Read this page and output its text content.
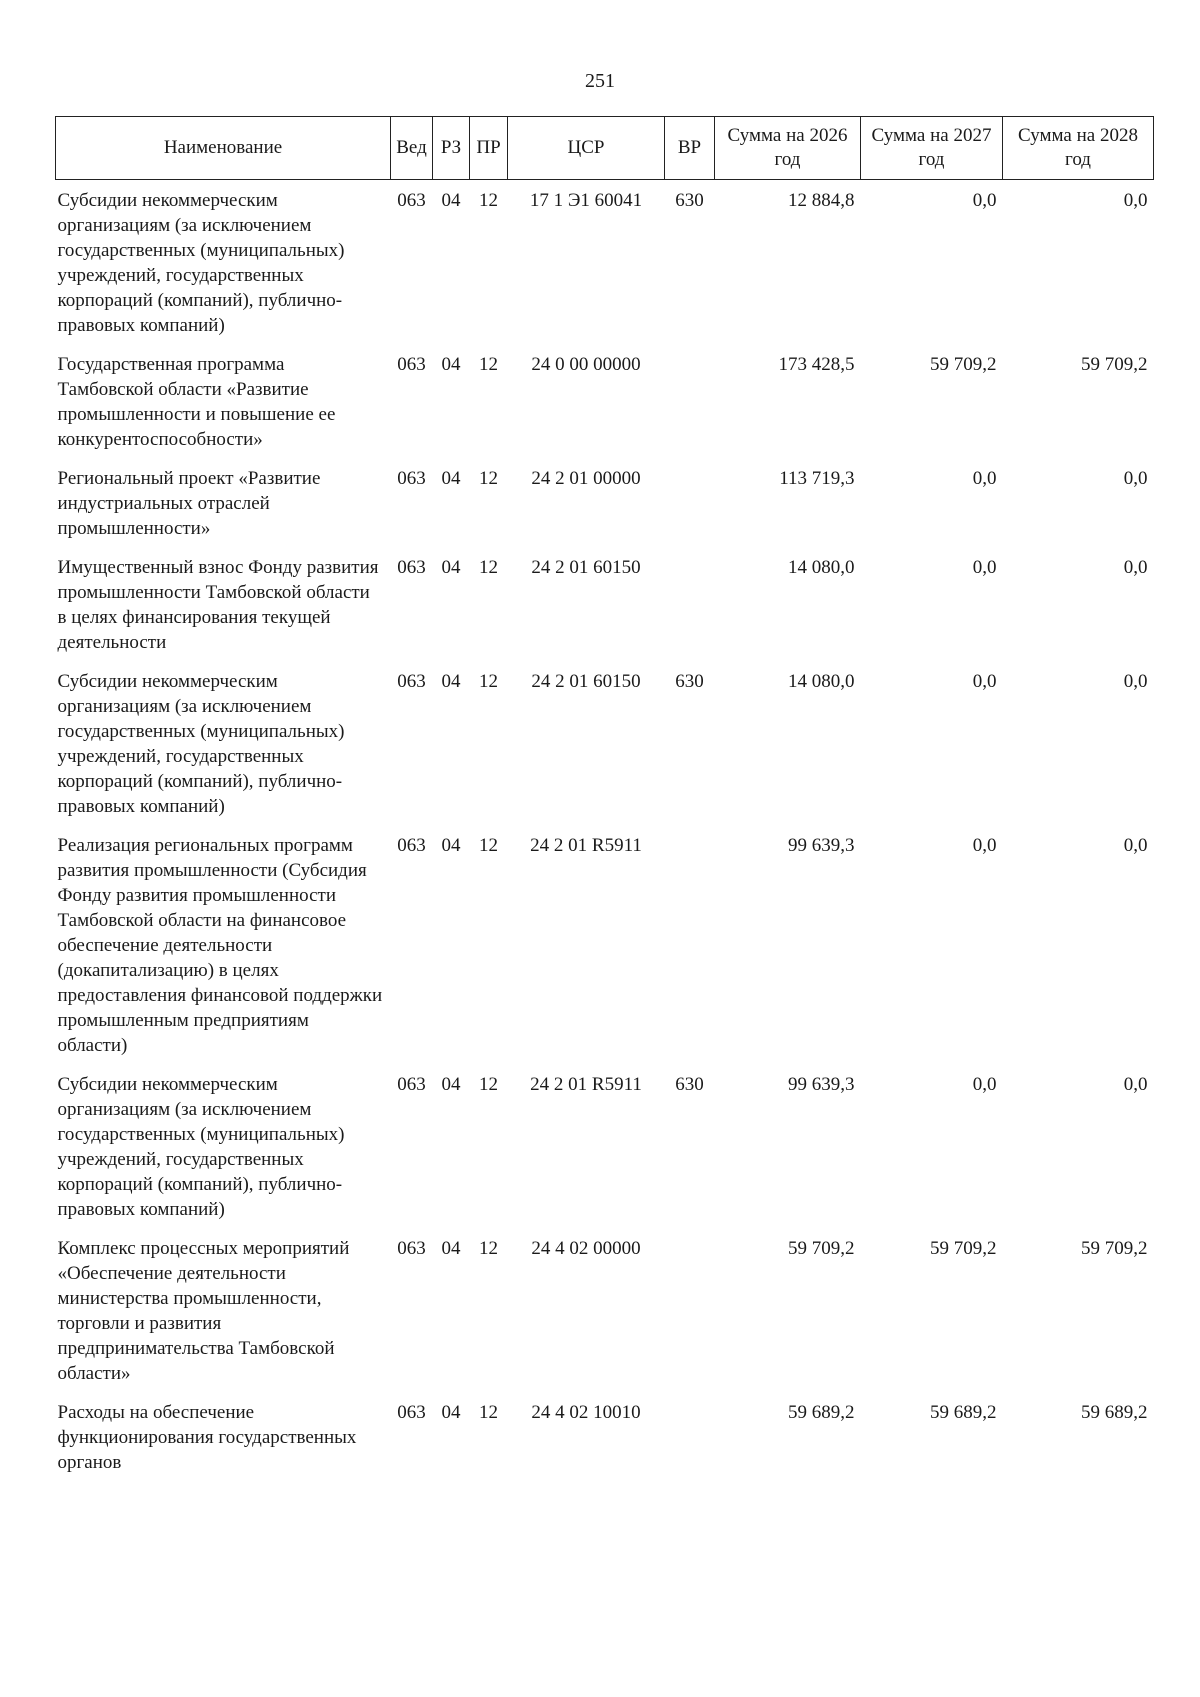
251
Наименование	Вед	РЗ	ПР	ЦСР	ВР	Сумма на 2026 год	Сумма на 2027 год	Сумма на 2028 год
Субсидии некоммерческим организациям (за исключением государственных (муниципальных) учреждений, государственных корпораций (компаний), публично-правовых компаний)	063	04	12	17 1 Э1 60041	630	12 884,8	0,0	0,0
Государственная программа Тамбовской области «Развитие промышленности и повышение ее конкурентоспособности»	063	04	12	24 0 00 00000		173 428,5	59 709,2	59 709,2
Региональный проект «Развитие индустриальных отраслей промышленности»	063	04	12	24 2 01 00000		113 719,3	0,0	0,0
Имущественный взнос Фонду развития промышленности Тамбовской области в целях финансирования текущей деятельности	063	04	12	24 2 01 60150		14 080,0	0,0	0,0
Субсидии некоммерческим организациям (за исключением государственных (муниципальных) учреждений, государственных корпораций (компаний), публично-правовых компаний)	063	04	12	24 2 01 60150	630	14 080,0	0,0	0,0
Реализация региональных программ развития промышленности (Субсидия Фонду развития промышленности Тамбовской области на финансовое обеспечение деятельности (докапитализацию) в целях предоставления финансовой поддержки промышленным предприятиям области)	063	04	12	24 2 01 R5911		99 639,3	0,0	0,0
Субсидии некоммерческим организациям (за исключением государственных (муниципальных) учреждений, государственных корпораций (компаний), публично-правовых компаний)	063	04	12	24 2 01 R5911	630	99 639,3	0,0	0,0
Комплекс процессных мероприятий «Обеспечение деятельности министерства промышленности, торговли и развития предпринимательства Тамбовской области»	063	04	12	24 4 02 00000		59 709,2	59 709,2	59 709,2
Расходы на обеспечение функционирования государственных органов	063	04	12	24 4 02 10010		59 689,2	59 689,2	59 689,2
